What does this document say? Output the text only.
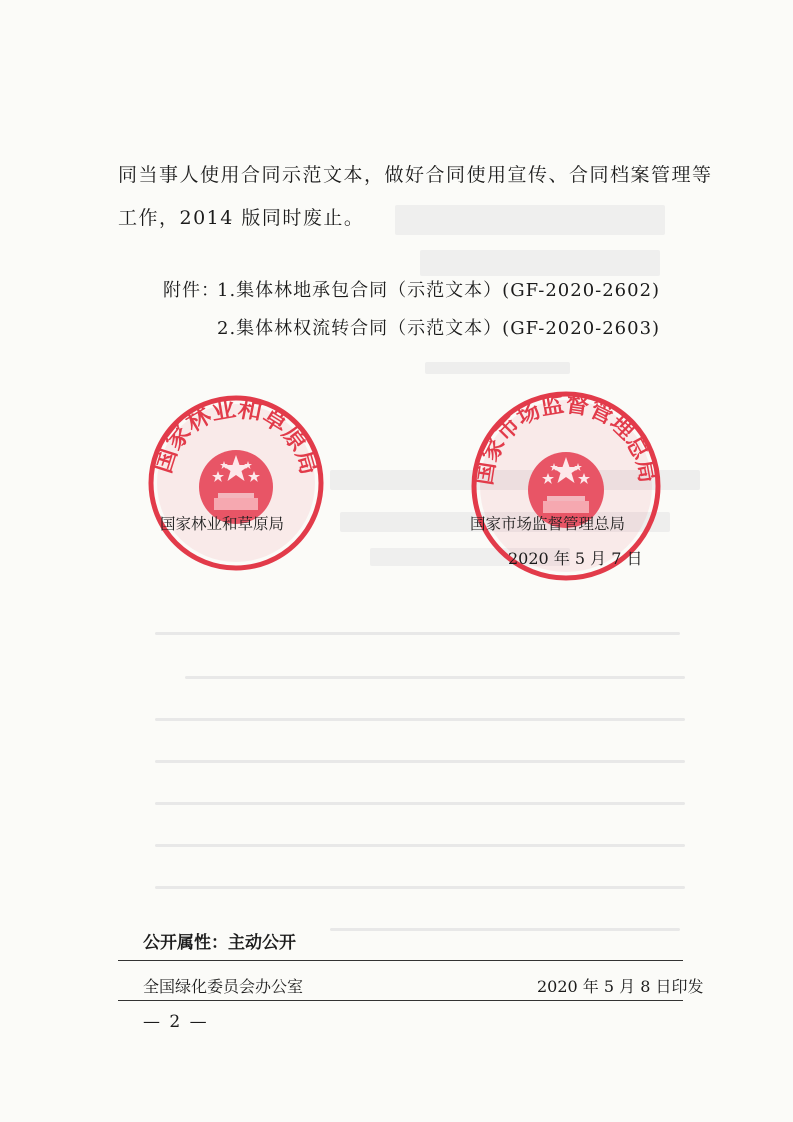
同当事人使用合同示范文本，做好合同使用宣传、合同档案管理等
工作，2014 版同时废止。
附件：
1.集体林地承包合同（示范文本）(GF-2020-2602)
2.集体林权流转合同（示范文本）(GF-2020-2603)
国家林业和草原局	国家市场监督管理总局
国家林业和草原局	国家市场监督管理总局
2020 年 5 月 7 日
公开属性：主动公开
全国绿化委员会办公室	2020 年 5 月 8 日印发
— 2 —
